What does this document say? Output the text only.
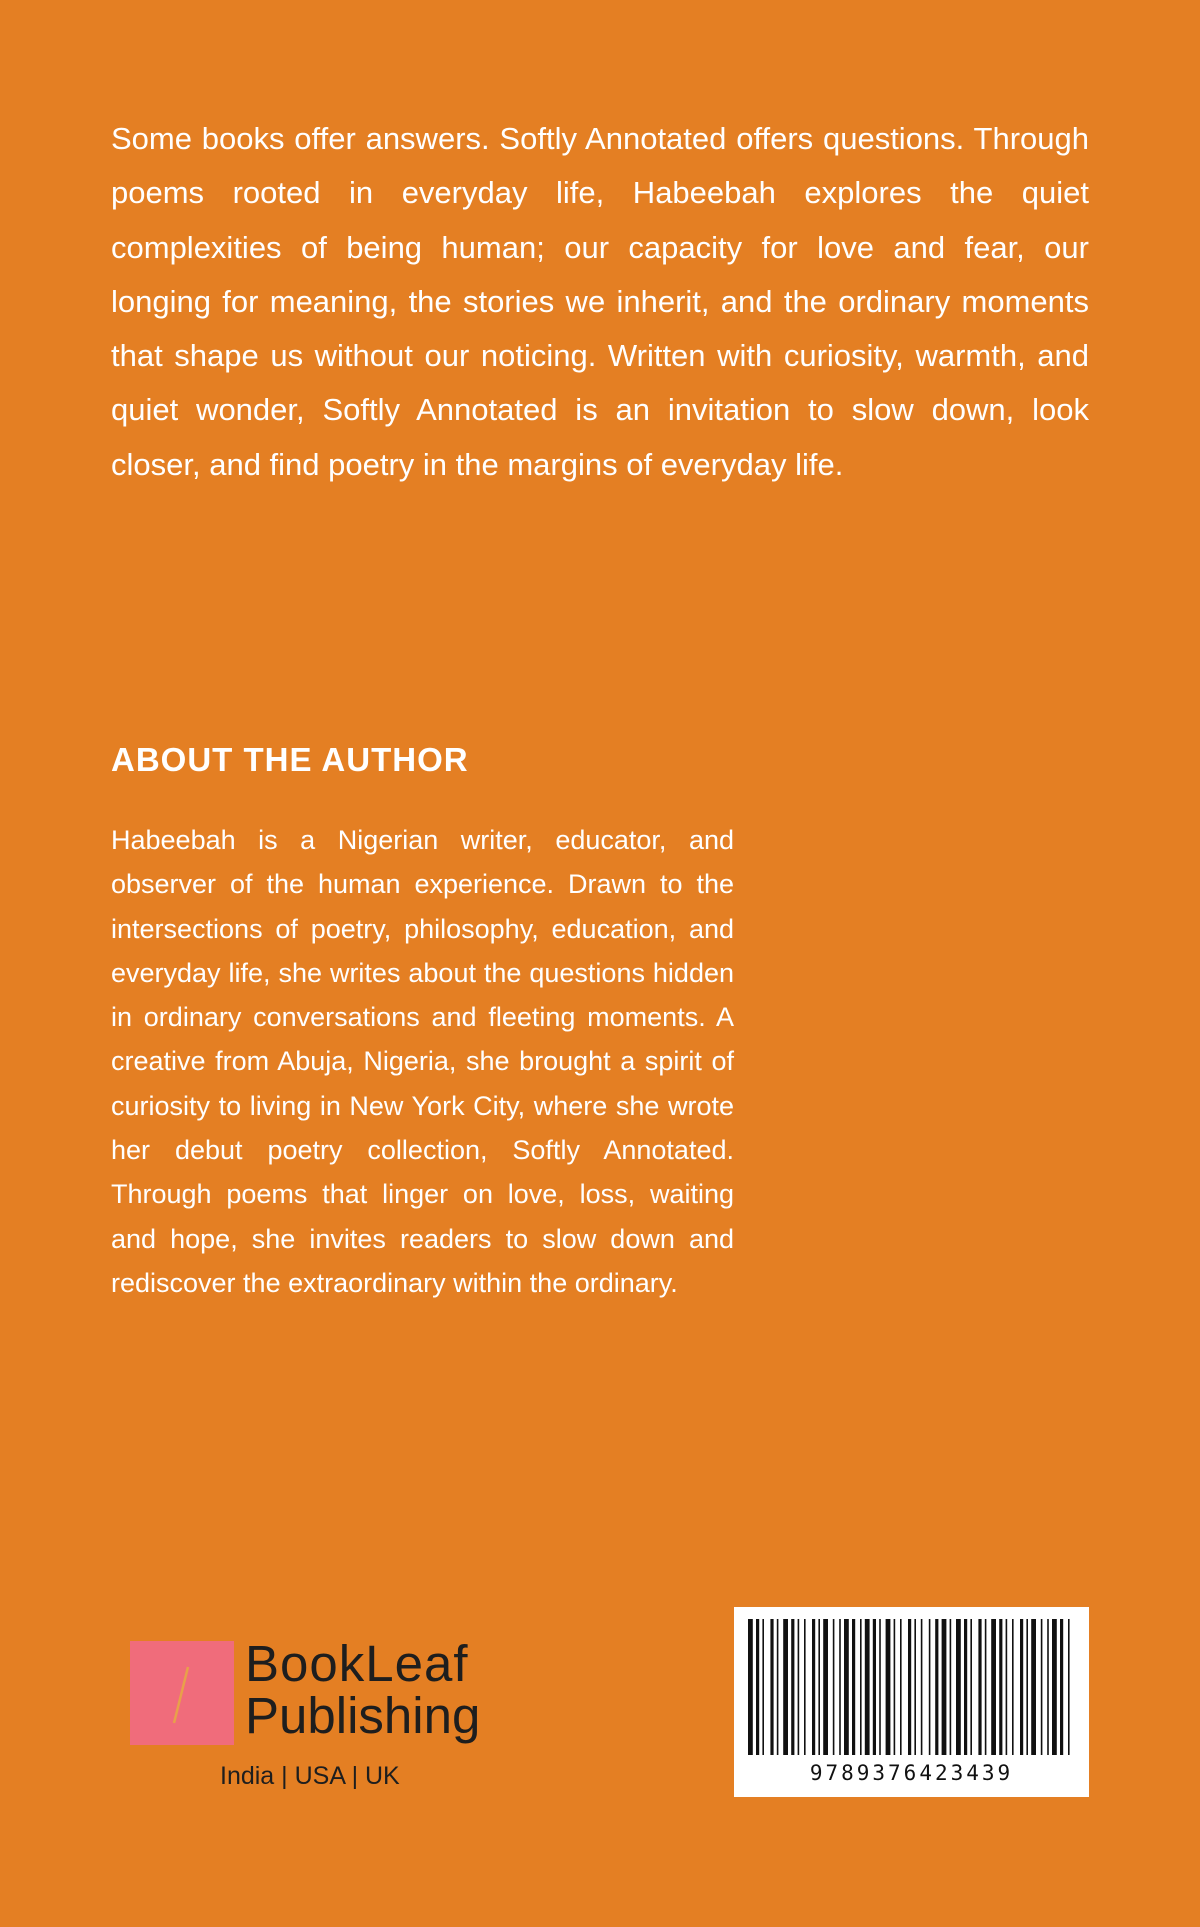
Some books offer answers. Softly Annotated offers questions. Through poems rooted in everyday life, Habeebah explores the quiet complexities of being human; our capacity for love and fear, our longing for meaning, the stories we inherit, and the ordinary moments that shape us without our noticing. Written with curiosity, warmth, and quiet wonder, Softly Annotated is an invitation to slow down, look closer, and find poetry in the margins of everyday life.

ABOUT THE AUTHOR

Habeebah is a Nigerian writer, educator, and observer of the human experience. Drawn to the intersections of poetry, philosophy, education, and everyday life, she writes about the questions hidden in ordinary conversations and fleeting moments. A creative from Abuja, Nigeria, she brought a spirit of curiosity to living in New York City, where she wrote her debut poetry collection, Softly Annotated. Through poems that linger on love, loss, waiting and hope, she invites readers to slow down and rediscover the extraordinary within the ordinary.

BookLeaf
Publishing
India | USA | UK	9789376423439
